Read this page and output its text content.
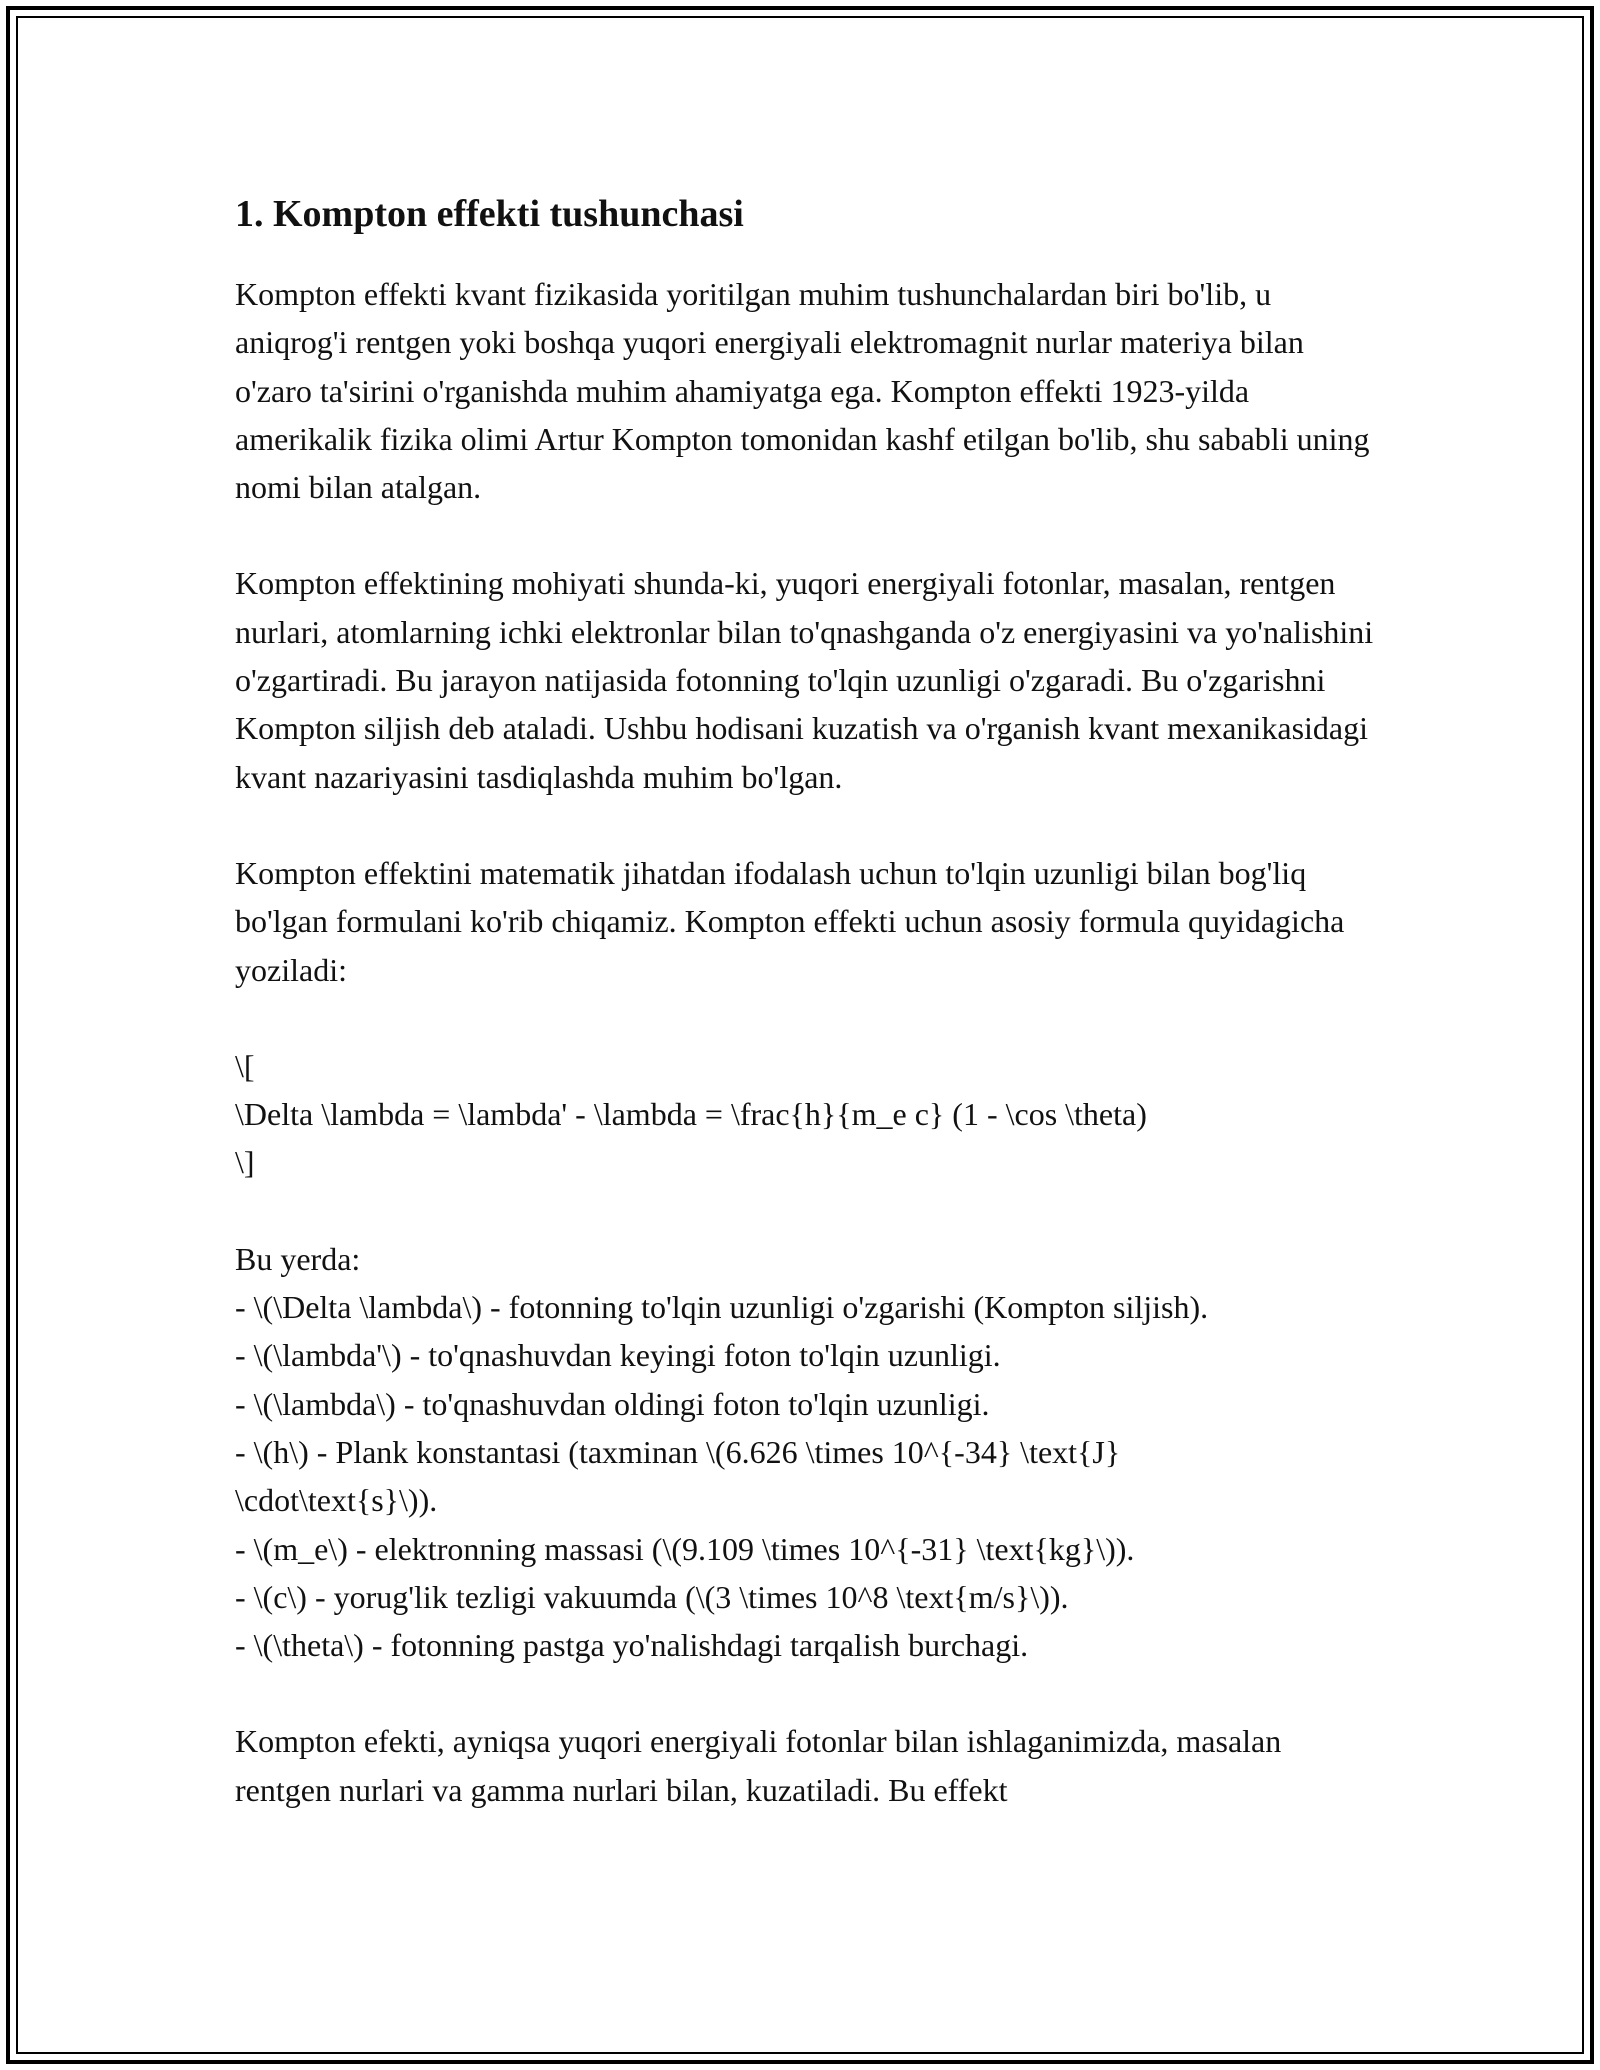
1. Kompton effekti tushunchasi

Kompton effekti kvant fizikasida yoritilgan muhim tushunchalardan biri bo'lib, u aniqrog'i rentgen yoki boshqa yuqori energiyali elektromagnit nurlar materiya bilan o'zaro ta'sirini o'rganishda muhim ahamiyatga ega. Kompton effekti 1923-yilda amerikalik fizika olimi Artur Kompton tomonidan kashf etilgan bo'lib, shu sababli uning nomi bilan atalgan.

Kompton effektining mohiyati shunda-ki, yuqori energiyali fotonlar, masalan, rentgen nurlari, atomlarning ichki elektronlar bilan to'qnashganda o'z energiyasini va yo'nalishini o'zgartiradi. Bu jarayon natijasida fotonning to'lqin uzunligi o'zgaradi. Bu o'zgarishni Kompton siljish deb ataladi. Ushbu hodisani kuzatish va o'rganish kvant mexanikasidagi kvant nazariyasini tasdiqlashda muhim bo'lgan.

Kompton effektini matematik jihatdan ifodalash uchun to'lqin uzunligi bilan bog'liq bo'lgan formulani ko'rib chiqamiz. Kompton effekti uchun asosiy formula quyidagicha yoziladi:

\[
\Delta \lambda = \lambda' - \lambda = \frac{h}{m_e c} (1 - \cos \theta)
\]
Bu yerda:
- \(\Delta \lambda\) - fotonning to'lqin uzunligi o'zgarishi (Kompton siljish).
- \(\lambda'\) - to'qnashuvdan keyingi foton to'lqin uzunligi.
- \(\lambda\) - to'qnashuvdan oldingi foton to'lqin uzunligi.
- \(h\) - Plank konstantasi (taxminan \(6.626 \times 10^{-34} \text{J}
\cdot\text{s}\)).
- \(m_e\) - elektronning massasi (\(9.109 \times 10^{-31} \text{kg}\)).
- \(c\) - yorug'lik tezligi vakuumda (\(3 \times 10^8 \text{m/s}\)).
- \(\theta\) - fotonning pastga yo'nalishdagi tarqalish burchagi.

Kompton efekti, ayniqsa yuqori energiyali fotonlar bilan ishlaganimizda, masalan rentgen nurlari va gamma nurlari bilan, kuzatiladi. Bu effekt
